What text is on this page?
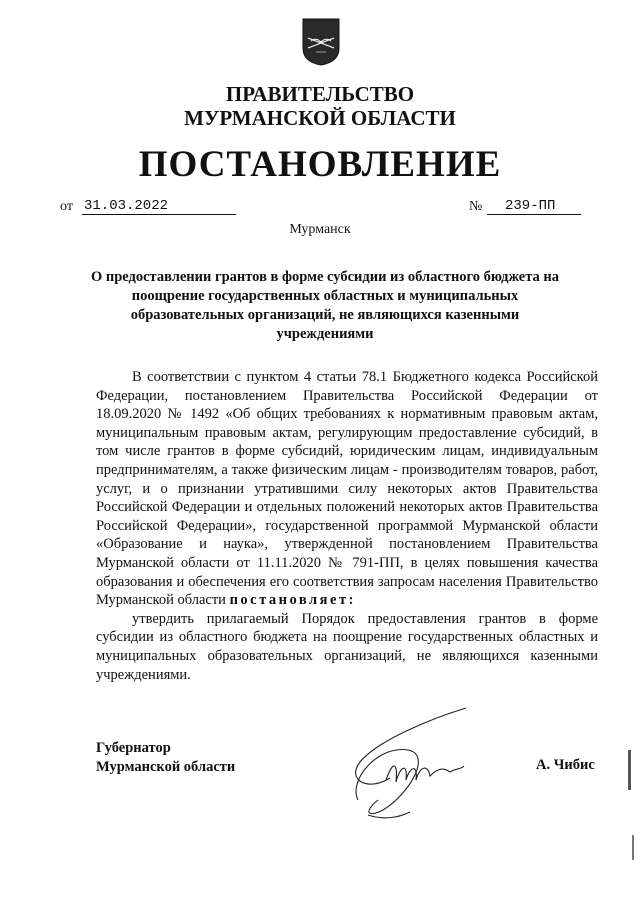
ПРАВИТЕЛЬСТВО
МУРМАНСКОЙ ОБЛАСТИ
ПОСТАНОВЛЕНИЕ
от 31.03.2022	№	239-ПП
Мурманск
О предоставлении грантов в форме субсидии из областного бюджета на
поощрение государственных областных и муниципальных
образовательных организаций, не являющихся казенными
учреждениями

В соответствии с пунктом 4 статьи 78.1 Бюджетного кодекса Российской Федерации, постановлением Правительства Российской Федерации от 18.09.2020 № 1492 «Об общих требованиях к нормативным правовым актам, муниципальным правовым актам, регулирующим предоставление субсидий, в том числе грантов в форме субсидий, юридическим лицам, индивидуальным предпринимателям, а также физическим лицам - производителям товаров, работ, услуг, и о признании утратившими силу некоторых актов Правительства Российской Федерации и отдельных положений некоторых актов Правительства Российской Федерации», государственной программой Мурманской области «Образование и наука», утвержденной постановлением Правительства Мурманской области от 11.11.2020 № 791-ПП, в целях повышения качества образования и обеспечения его соответствия запросам населения Правительство Мурманской области постановляет:

утвердить прилагаемый Порядок предоставления грантов в форме субсидии из областного бюджета на поощрение государственных областных и муниципальных образовательных организаций, не являющихся казенными учреждениями.

Губернатор
Мурманской области	А. Чибис
